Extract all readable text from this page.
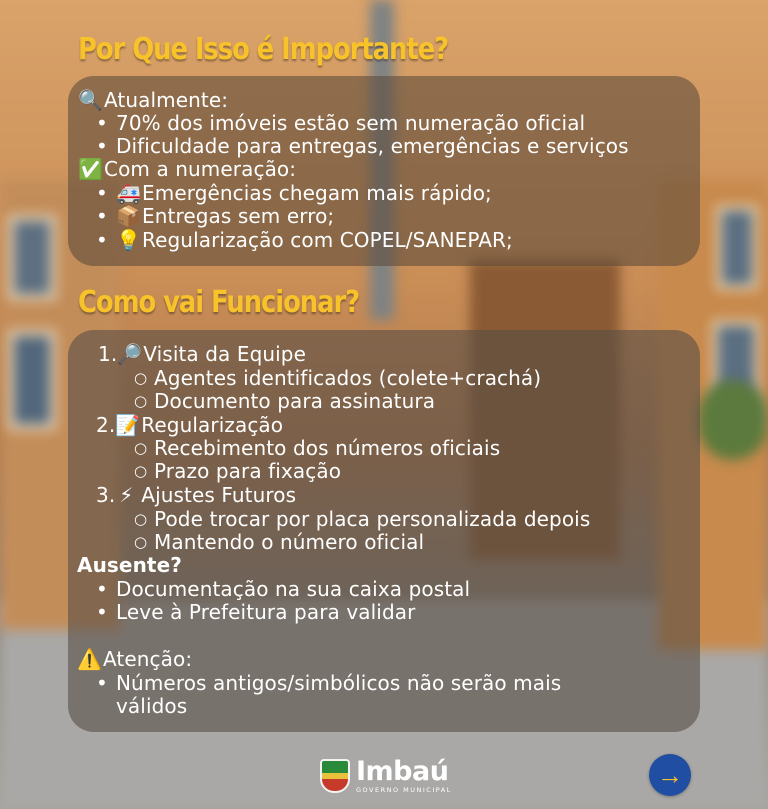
Por Que Isso é Importante?
🔍Atualmente:
• 70% dos imóveis estão sem numeração oficial
• Dificuldade para entregas, emergências e serviços
✅Com a numeração:
• 🚑Emergências chegam mais rápido;
• 📦Entregas sem erro;
• 💡Regularização com COPEL/SANEPAR;
Como vai Funcionar?
1.🔎Visita da Equipe
○ Agentes identificados (colete+crachá)
○ Documento para assinatura
2.📝Regularização
○ Recebimento dos números oficiais
○ Prazo para fixação
3. ⚡ Ajustes Futuros
○ Pode trocar por placa personalizada depois
○ Mantendo o número oficial
Ausente?
• Documentação na sua caixa postal
• Leve à Prefeitura para validar
⚠️Atenção:
• Números antigos/simbólicos não serão mais
válidos
Imbaú
GOVERNO MUNICIPAL	→
